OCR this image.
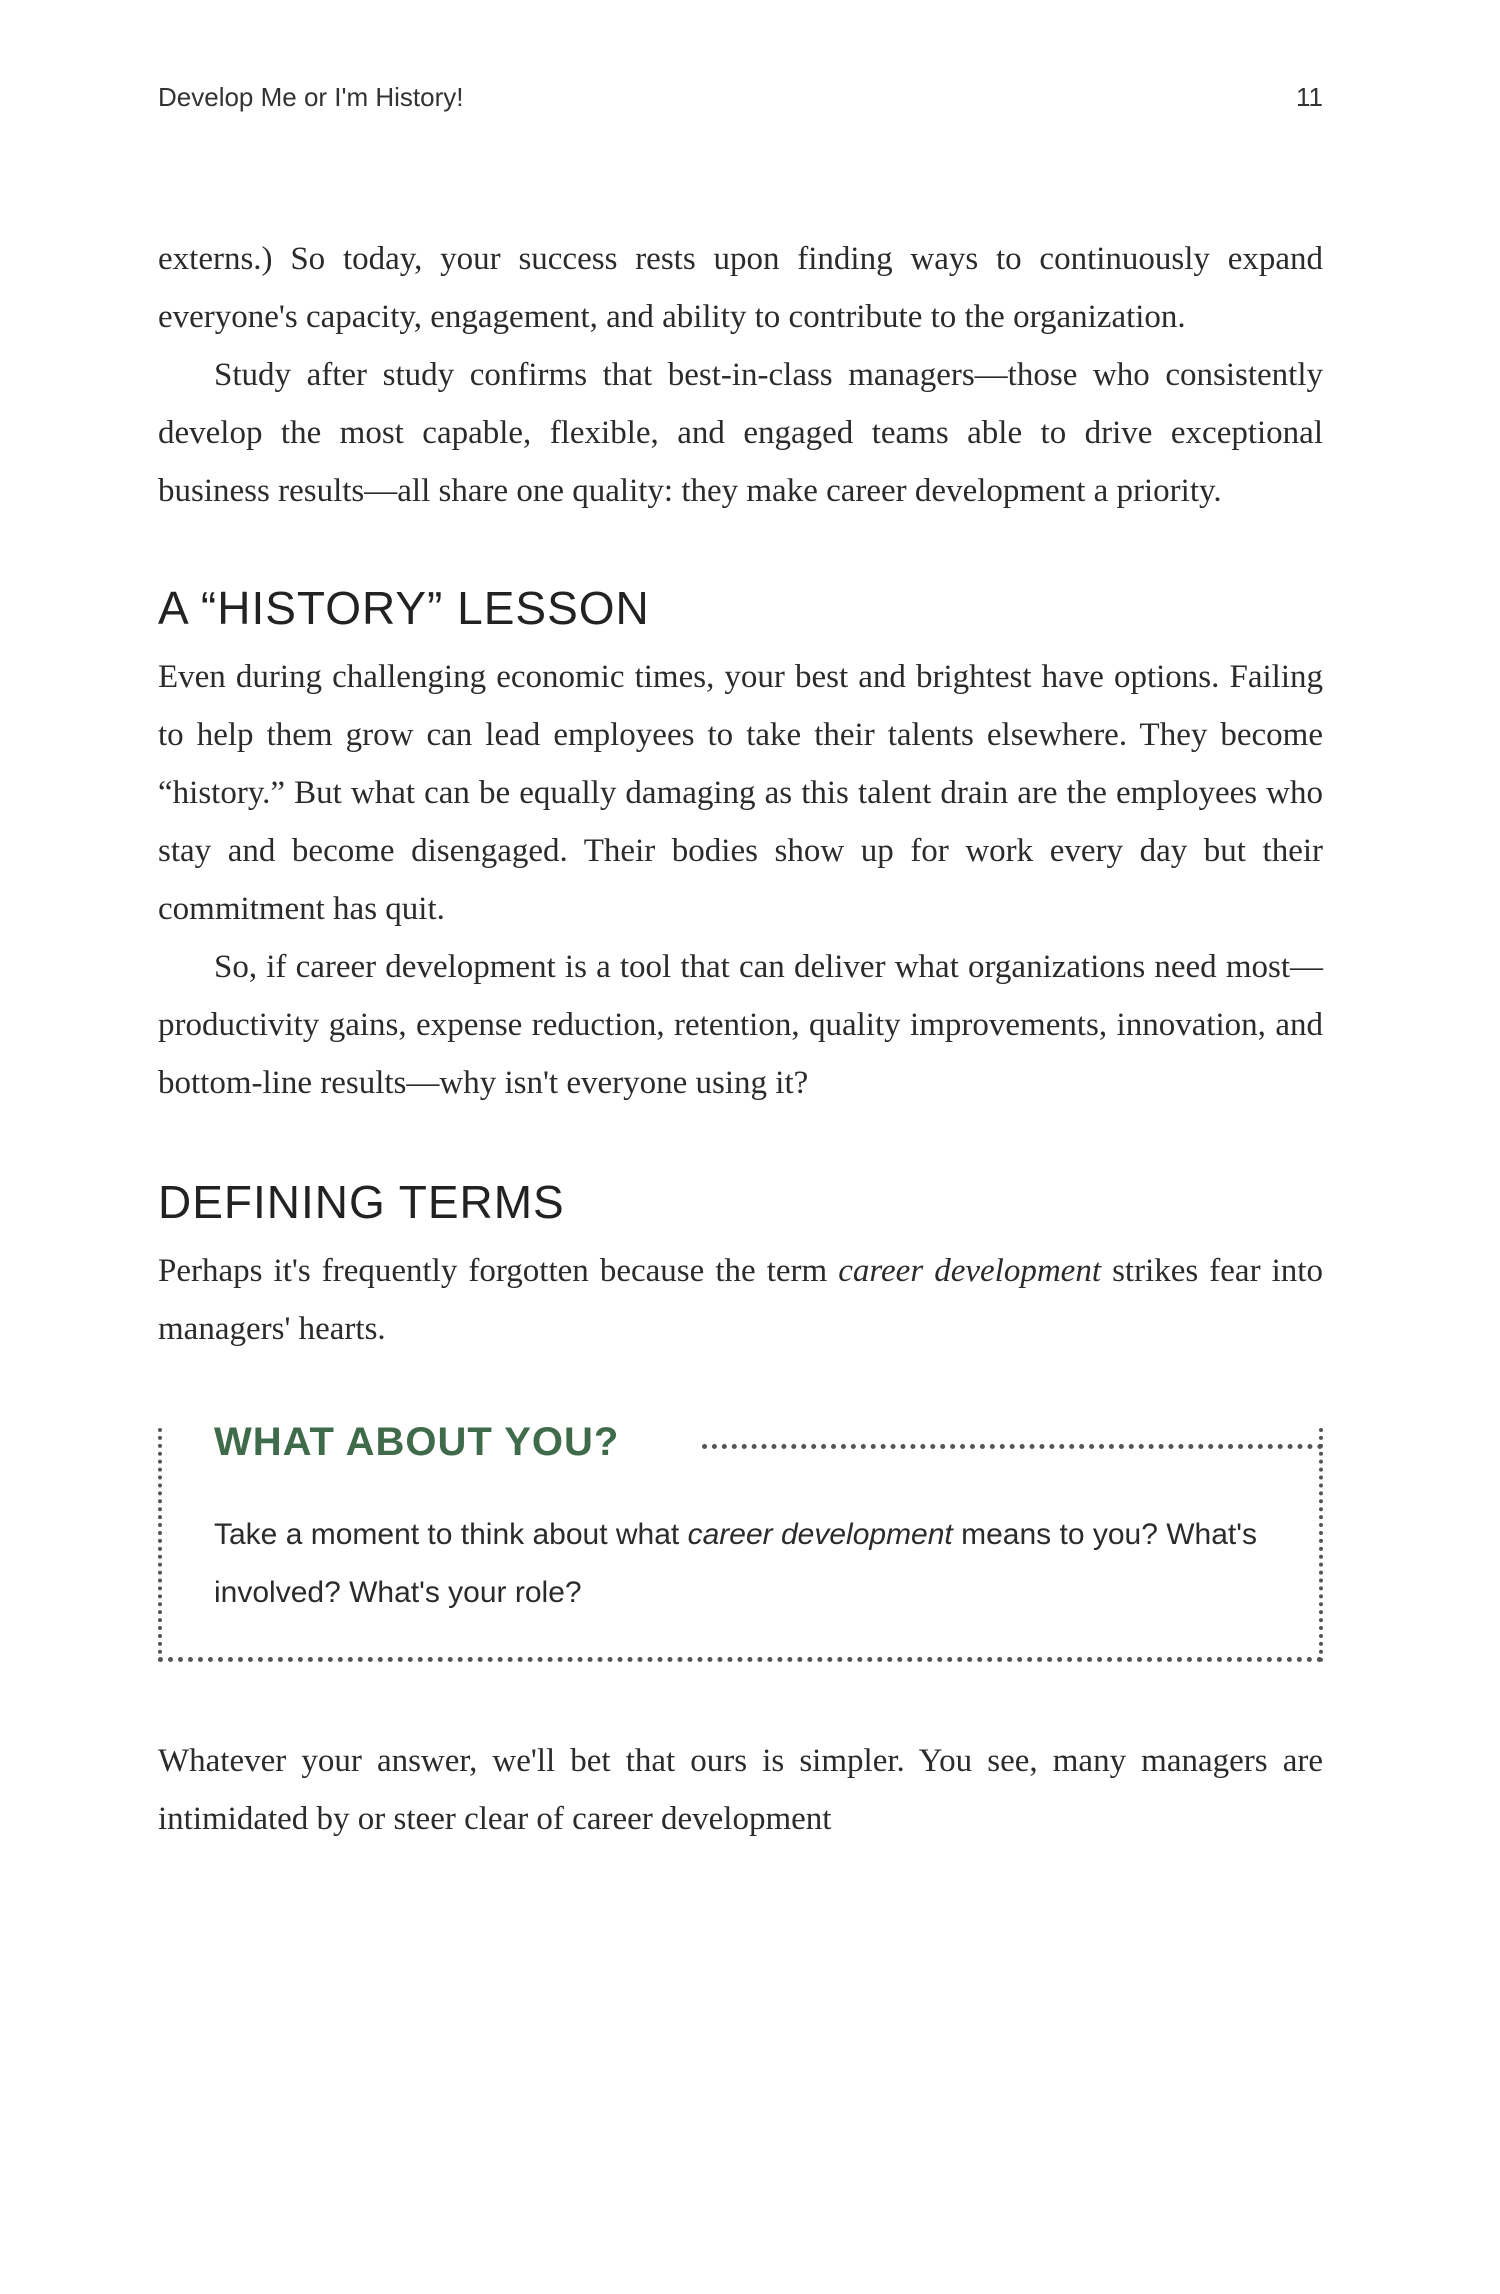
Develop Me or I'm History!	11

externs.) So today, your success rests upon finding ways to continuously expand everyone's capacity, engagement, and ability to contribute to the organization.

Study after study confirms that best-in-class managers—those who consistently develop the most capable, flexible, and engaged teams able to drive exceptional business results—all share one quality: they make career development a priority.

A “HISTORY” LESSON

Even during challenging economic times, your best and brightest have options. Failing to help them grow can lead employees to take their talents elsewhere. They become “history.” But what can be equally damaging as this talent drain are the employees who stay and become disengaged. Their bodies show up for work every day but their commitment has quit.

So, if career development is a tool that can deliver what organizations need most—productivity gains, expense reduction, retention, quality improvements, innovation, and bottom-line results—why isn't everyone using it?

DEFINING TERMS

Perhaps it's frequently forgotten because the term career development strikes fear into managers' hearts.

WHAT ABOUT YOU?

Take a moment to think about what career development means to you? What's involved? What's your role?

Whatever your answer, we'll bet that ours is simpler. You see, many managers are intimidated by or steer clear of career development
